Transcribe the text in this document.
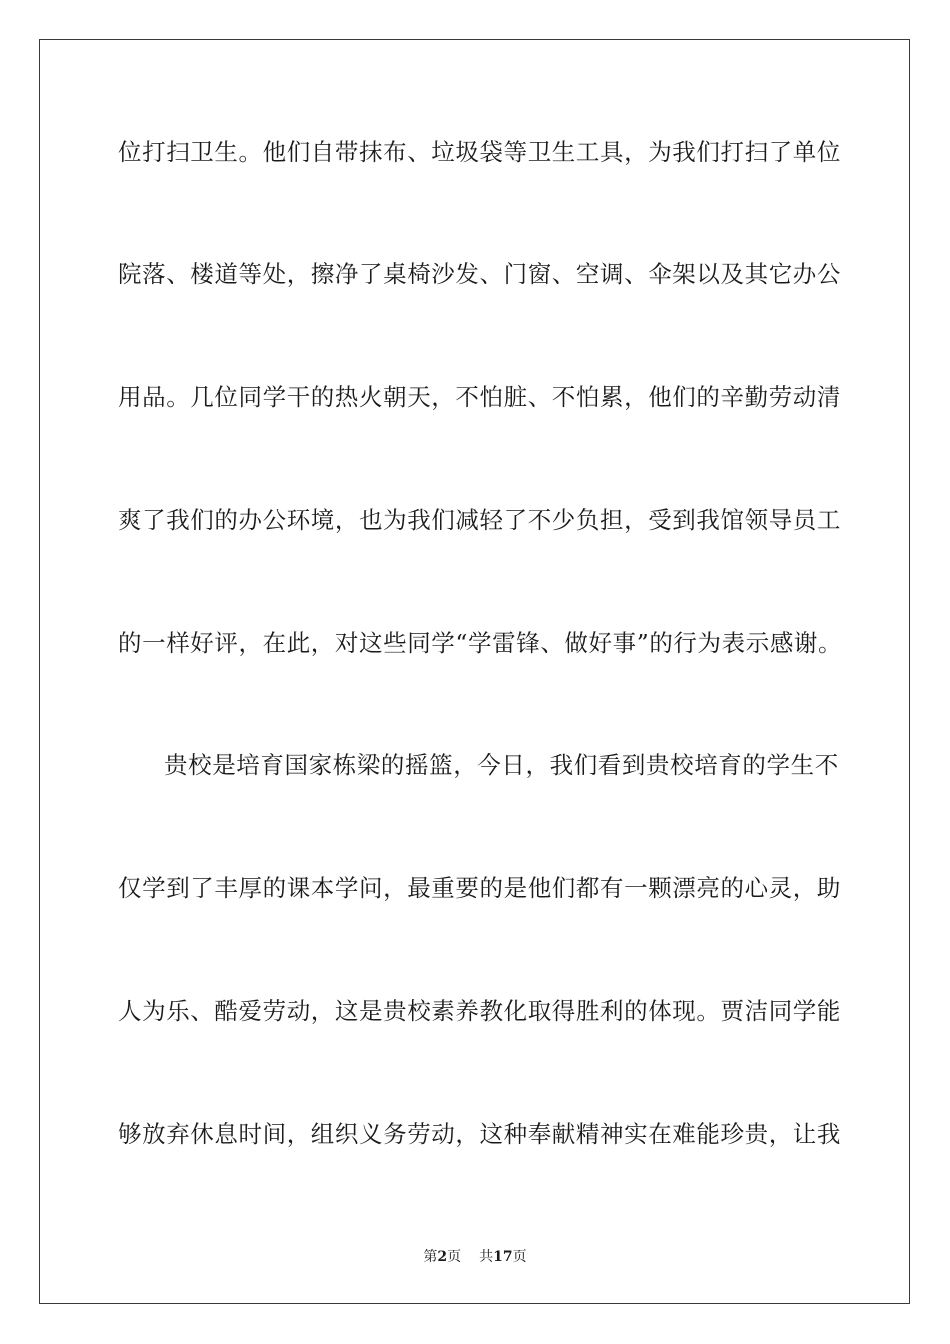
位打扫卫生。他们自带抹布、垃圾袋等卫生工具，为我们打扫了单位
院落、楼道等处，擦净了桌椅沙发、门窗、空调、伞架以及其它办公
用品。几位同学干的热火朝天，不怕脏、不怕累，他们的辛勤劳动清
爽了我们的办公环境，也为我们减轻了不少负担，受到我馆领导员工
的一样好评，在此，对这些同学“学雷锋、做好事”的行为表示感谢。
贵校是培育国家栋梁的摇篮，今日，我们看到贵校培育的学生不
仅学到了丰厚的课本学问，最重要的是他们都有一颗漂亮的心灵，助
人为乐、酷爱劳动，这是贵校素养教化取得胜利的体现。贾洁同学能
够放弃休息时间，组织义务劳动，这种奉献精神实在难能珍贵，让我
第2页 共17页
